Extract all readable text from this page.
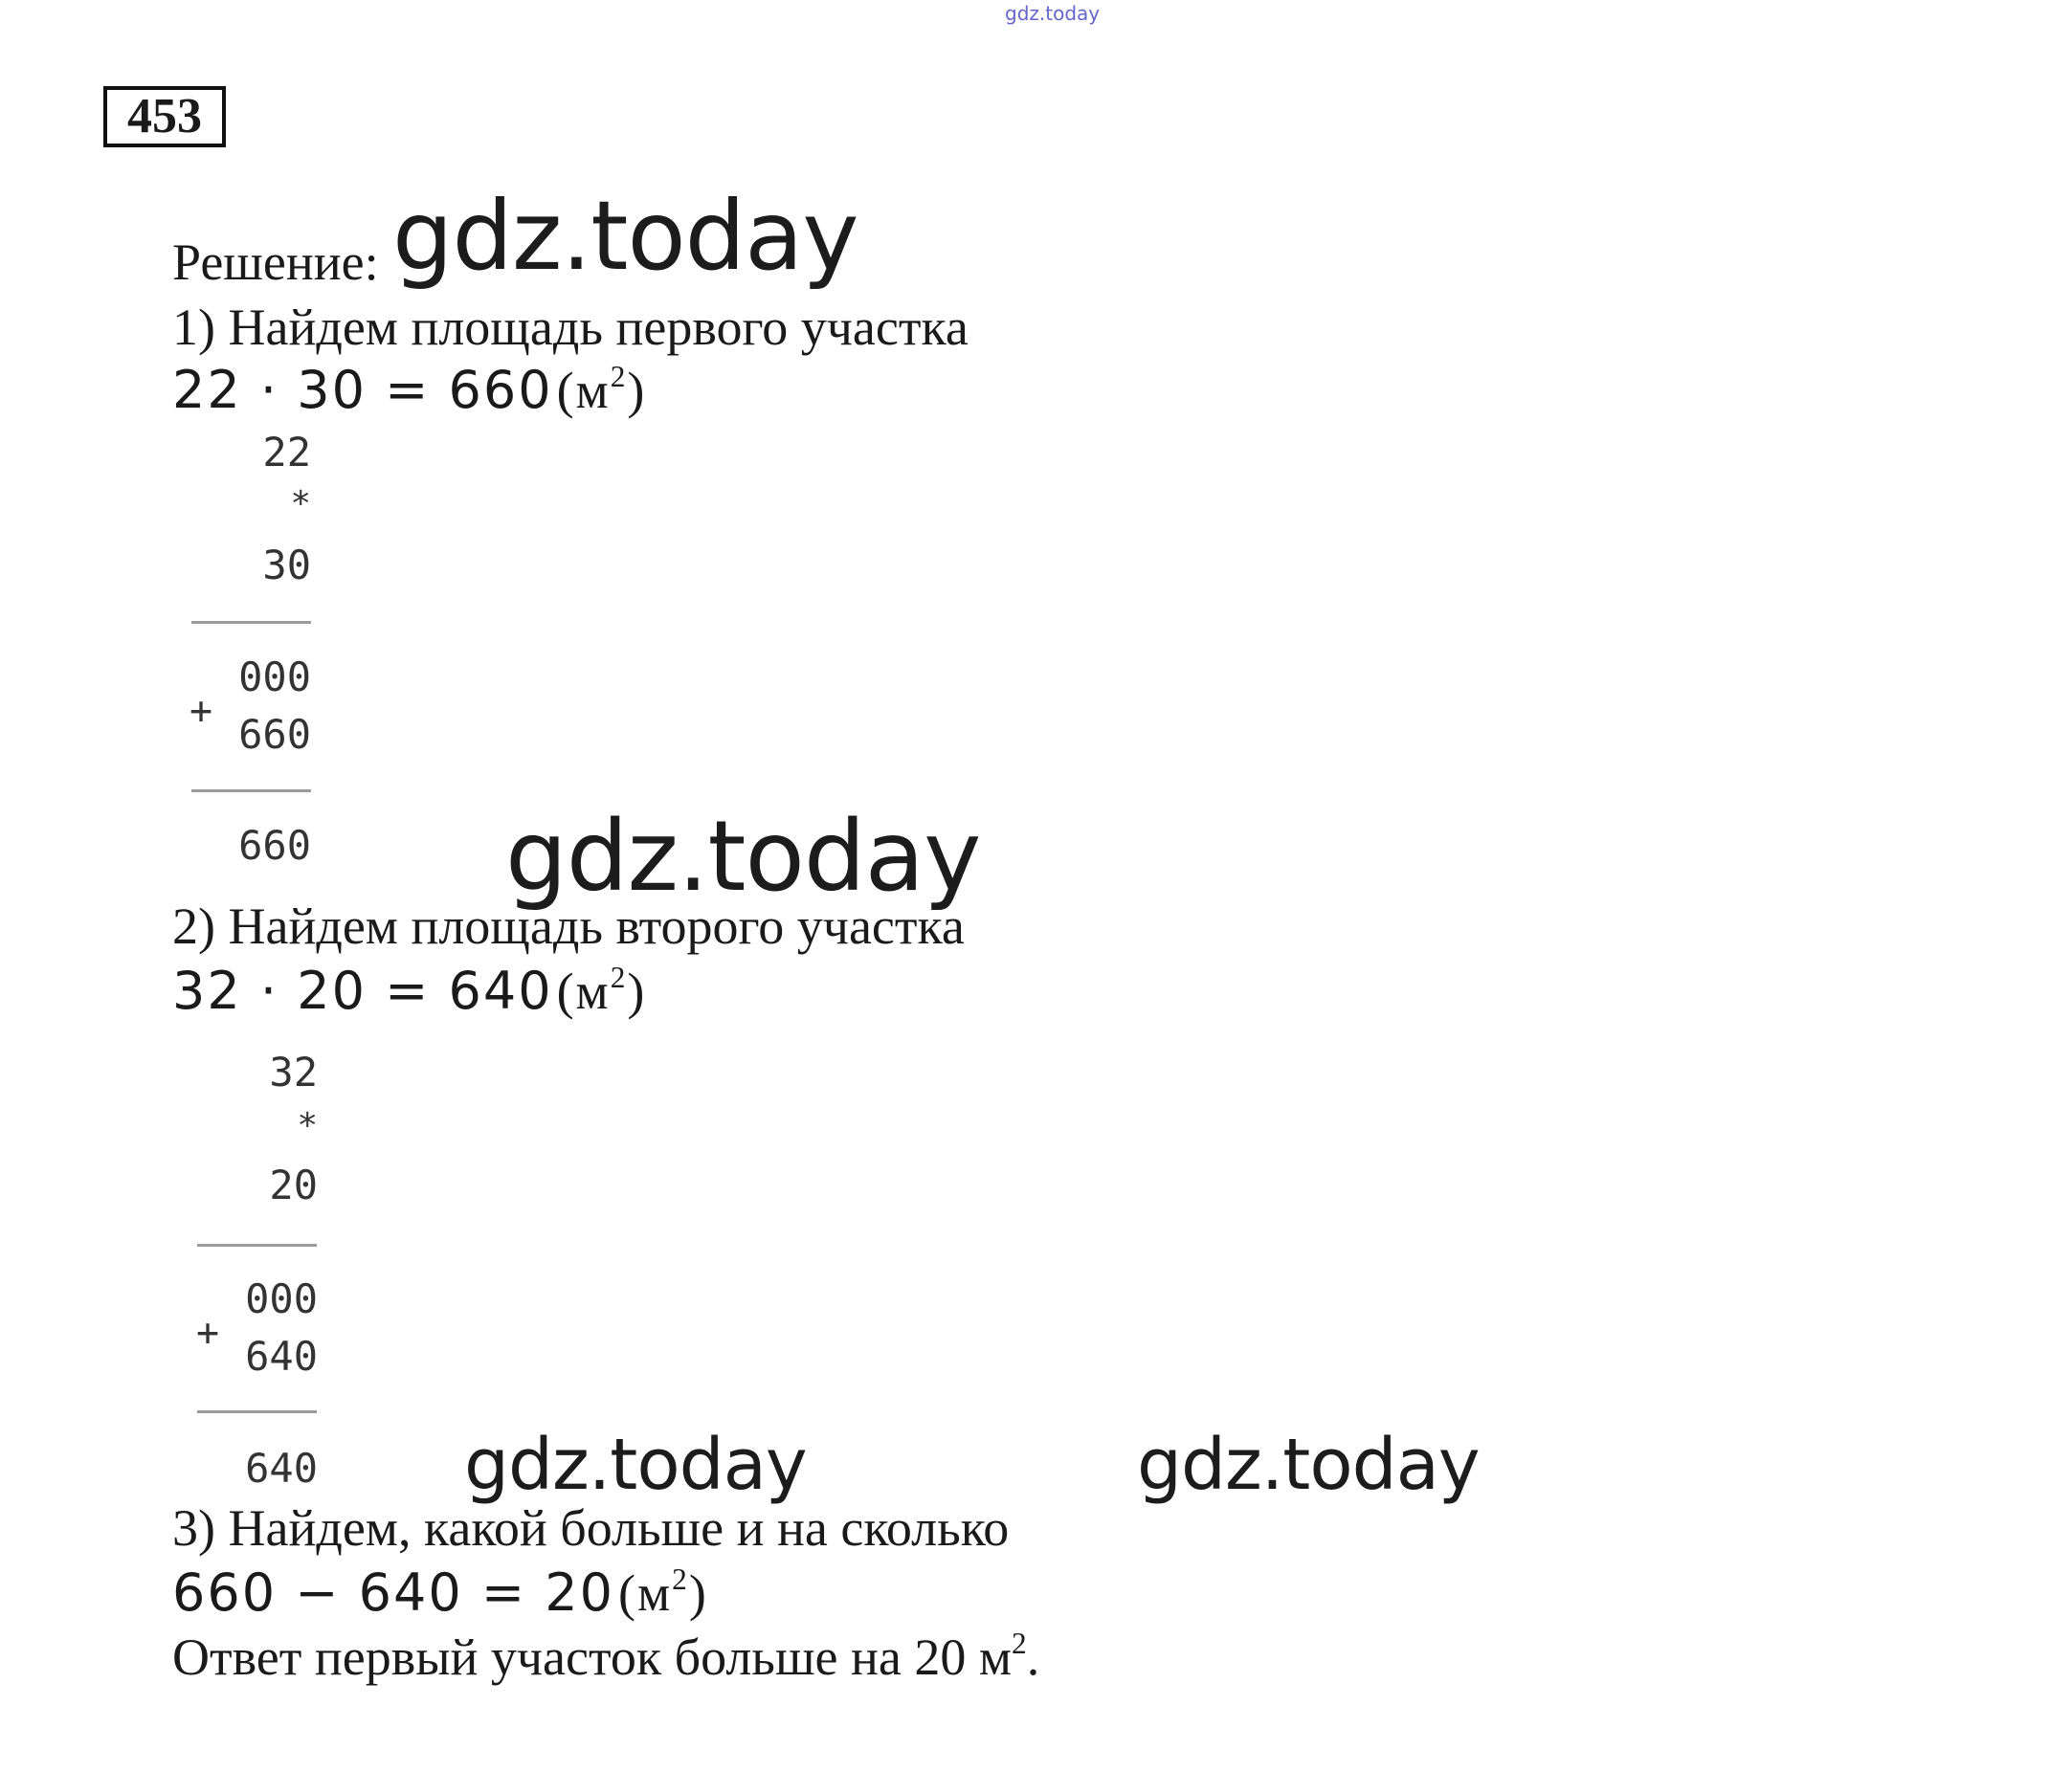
gdz.today
453
Решение: gdz.today
1) Найдем площадь первого участка
22 · 30 = 660 $(м^2)$
22
*
30
000
+ 660
660 gdz.today
2) Найдем площадь второго участка
32 · 20 = 640 $(м^2)$
32
*
20
000
+ 640
640 gdz.today	gdz.today
3) Найдем, какой больше и на сколько
660 − 640 = 20 $(м^2)$
Ответ первый участок больше на 20 $м^2$.
